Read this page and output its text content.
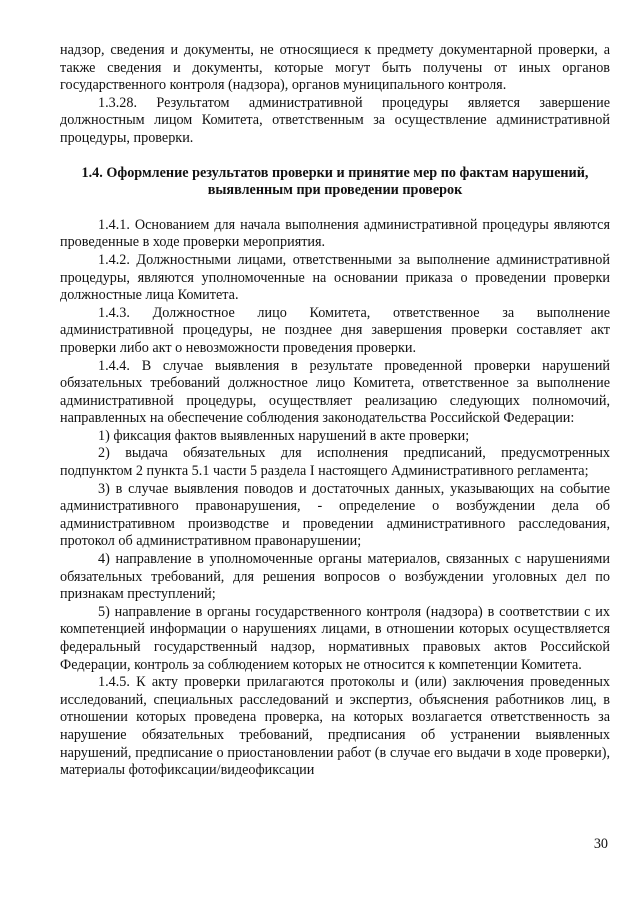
надзор, сведения и документы, не относящиеся к предмету документарной проверки, а также сведения и документы, которые могут быть получены от иных органов государственного контроля (надзора), органов муниципального контроля.

1.3.28. Результатом административной процедуры является завершение должностным лицом Комитета, ответственным за осуществление административной процедуры, проверки.

1.4. Оформление результатов проверки и принятие мер по фактам нарушений, выявленным при проведении проверок

1.4.1. Основанием для начала выполнения административной процедуры являются проведенные в ходе проверки мероприятия.

1.4.2. Должностными лицами, ответственными за выполнение административной процедуры, являются уполномоченные на основании приказа о проведении проверки должностные лица Комитета.

1.4.3. Должностное лицо Комитета, ответственное за выполнение административной процедуры, не позднее дня завершения проверки составляет акт проверки либо акт о невозможности проведения проверки.

1.4.4. В случае выявления в результате проведенной проверки нарушений обязательных требований должностное лицо Комитета, ответственное за выполнение административной процедуры, осуществляет реализацию следующих полномочий, направленных на обеспечение соблюдения законодательства Российской Федерации:

1) фиксация фактов выявленных нарушений в акте проверки;

2) выдача обязательных для исполнения предписаний, предусмотренных подпунктом 2 пункта 5.1 части 5 раздела I настоящего Административного регламента;

3) в случае выявления поводов и достаточных данных, указывающих на событие административного правонарушения, - определение о возбуждении дела об административном производстве и проведении административного расследования, протокол об административном правонарушении;

4) направление в уполномоченные органы материалов, связанных с нарушениями обязательных требований, для решения вопросов о возбуждении уголовных дел по признакам преступлений;

5) направление в органы государственного контроля (надзора) в соответствии с их компетенцией информации о нарушениях лицами, в отношении которых осуществляется федеральный государственный надзор, нормативных правовых актов Российской Федерации, контроль за соблюдением которых не относится к компетенции Комитета.

1.4.5. К акту проверки прилагаются протоколы и (или) заключения проведенных исследований, специальных расследований и экспертиз, объяснения работников лиц, в отношении которых проведена проверка, на которых возлагается ответственность за нарушение обязательных требований, предписания об устранении выявленных нарушений, предписание о приостановлении работ (в случае его выдачи в ходе проверки), материалы фотофиксации/видеофиксации

30
